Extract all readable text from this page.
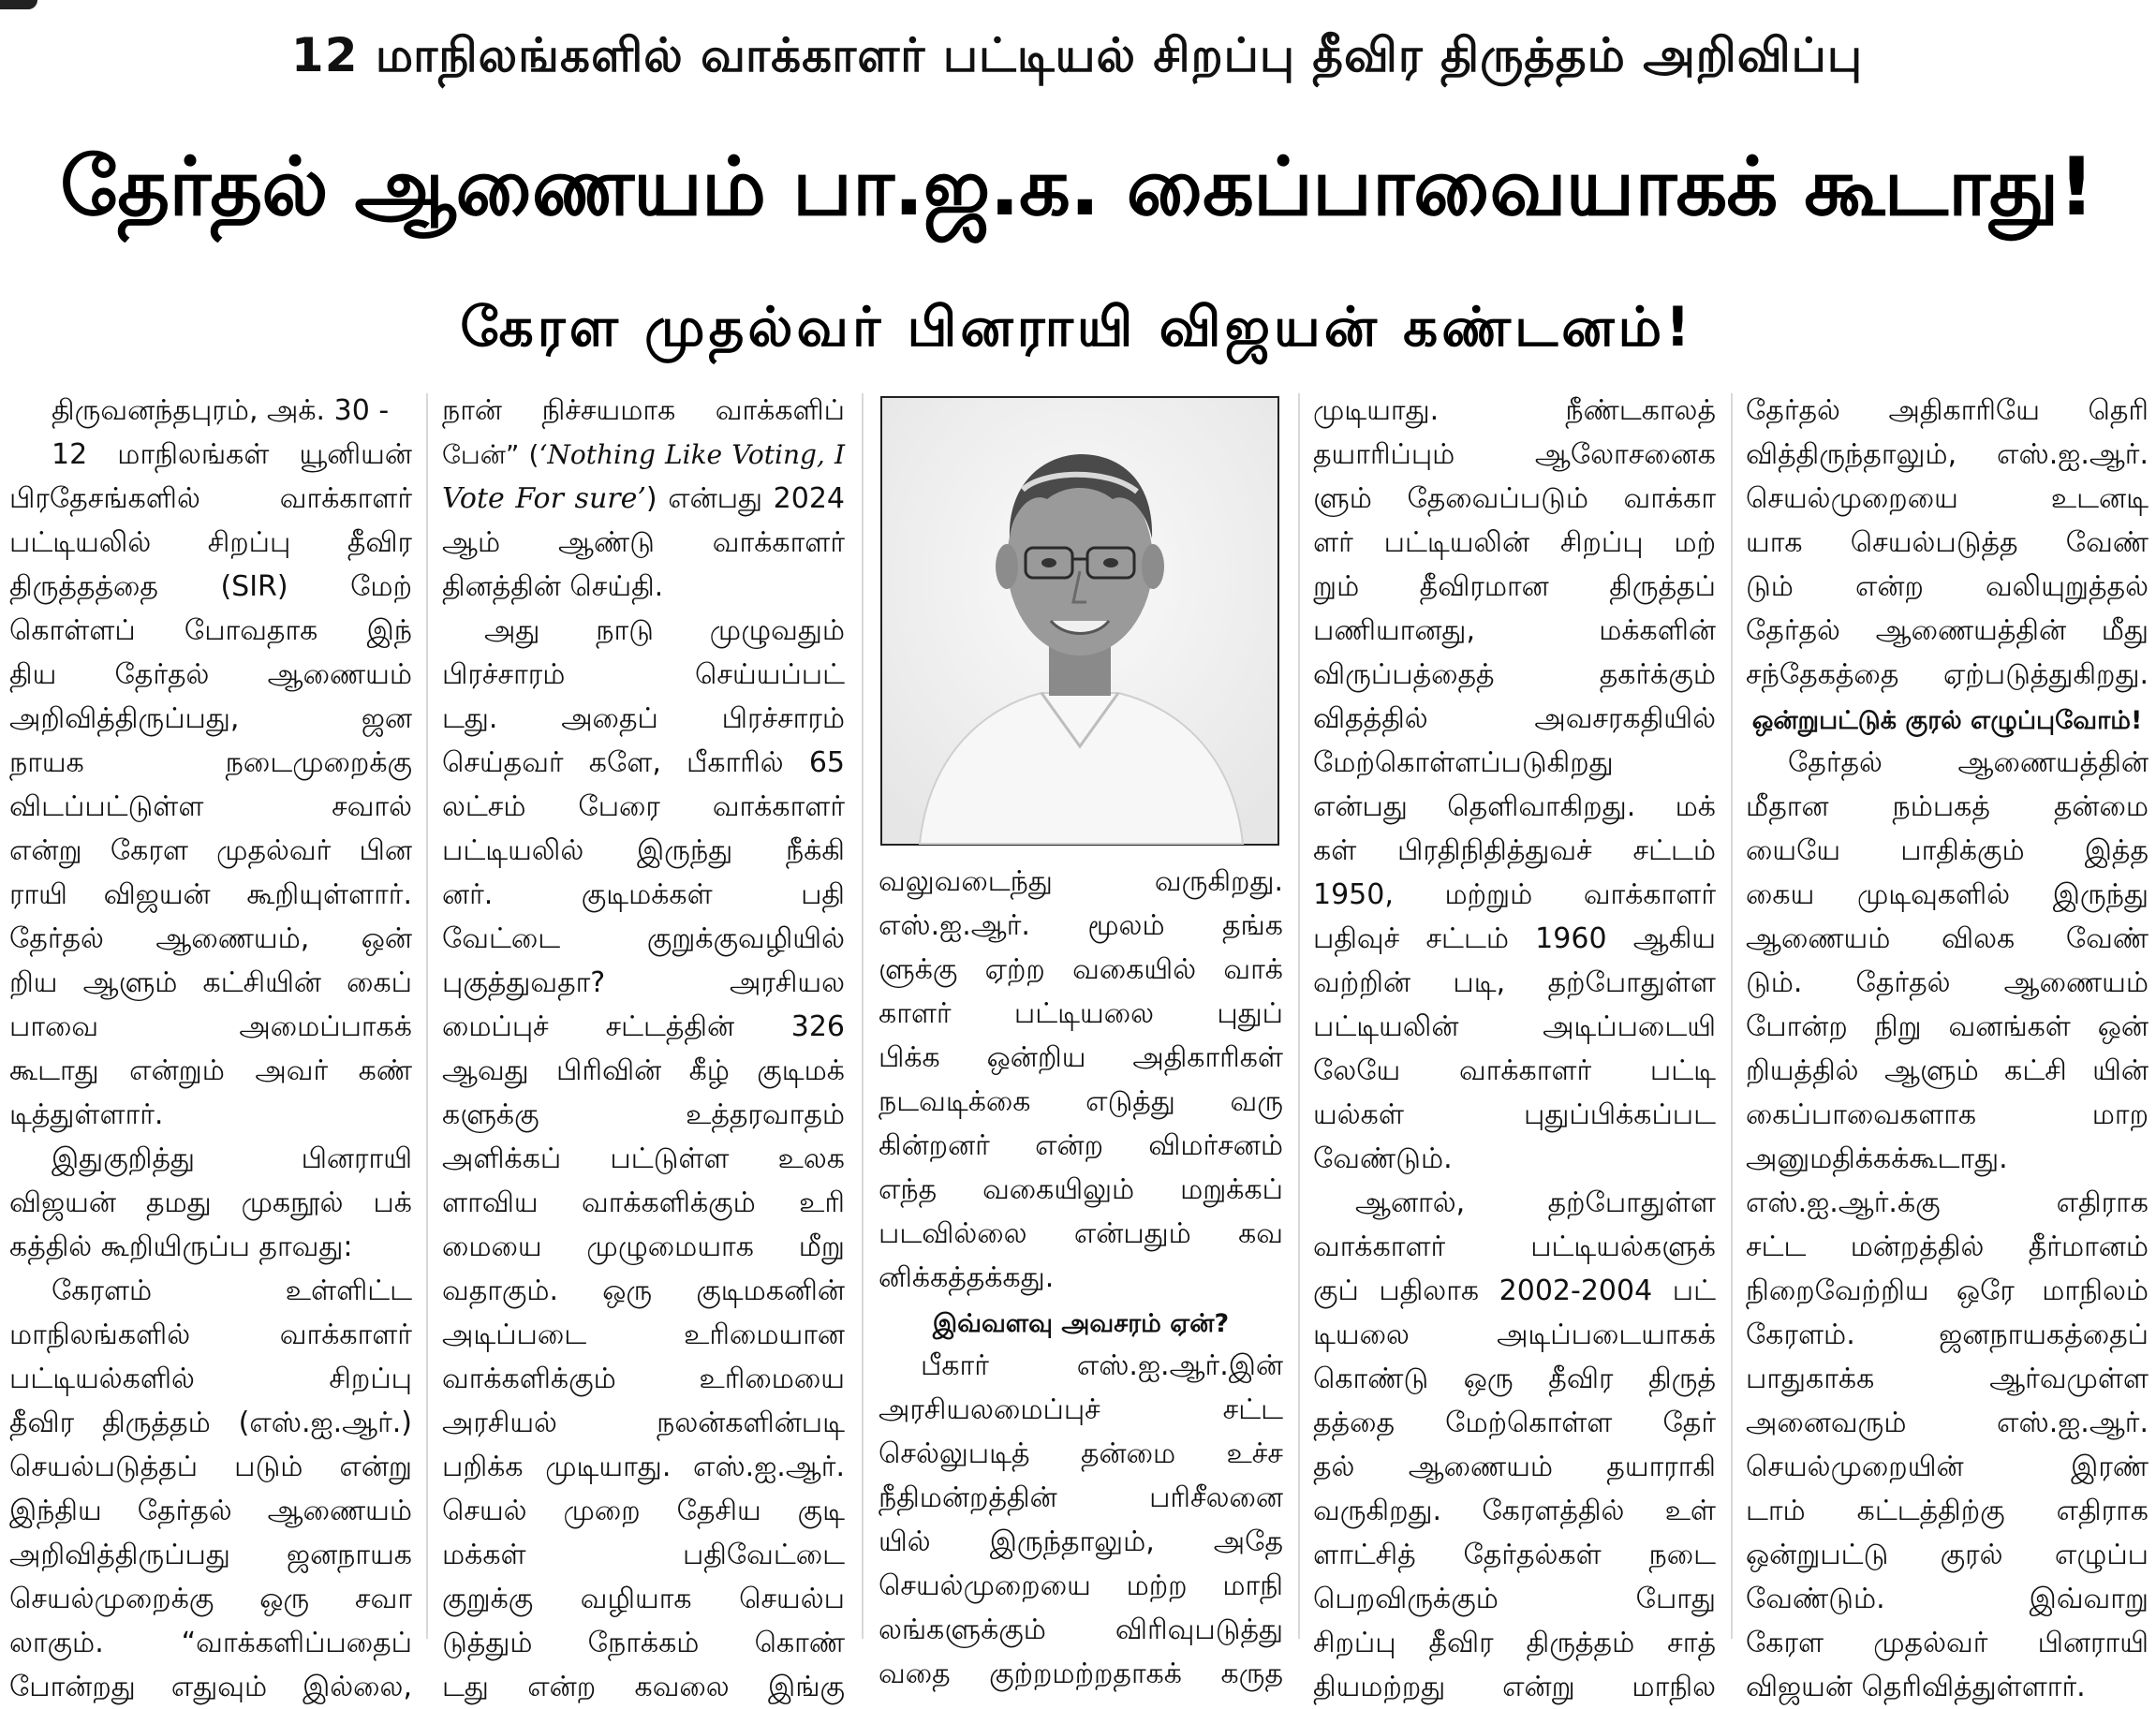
12 மாநிலங்களில் வாக்காளர் பட்டியல் சிறப்பு தீவிர திருத்தம் அறிவிப்பு
தேர்தல் ஆணையம் பா.ஜ.க. கைப்பாவையாகக் கூடாது!
கேரள முதல்வர் பினராயி விஜயன் கண்டனம்!
திருவனந்தபுரம், அக். 30 -
12 மாநிலங்கள் யூனியன்
பிரதேசங்களில் வாக்காளர்
பட்டியலில் சிறப்பு தீவிர
திருத்தத்தை (SIR) மேற்
கொள்ளப் போவதாக இந்
திய தேர்தல் ஆணையம்
அறிவித்திருப்பது, ஜன
நாயக நடைமுறைக்கு
விடப்பட்டுள்ள சவால்
என்று கேரள முதல்வர் பின
ராயி விஜயன் கூறியுள்ளார்.
தேர்தல் ஆணையம், ஒன்
றிய ஆளும் கட்சியின் கைப்
பாவை அமைப்பாகக்
கூடாது என்றும் அவர் கண்
டித்துள்ளார்.
இதுகுறித்து பினராயி
விஜயன் தமது முகநூல் பக்
கத்தில் கூறியிருப்ப தாவது:
கேரளம் உள்ளிட்ட
மாநிலங்களில் வாக்காளர்
பட்டியல்களில் சிறப்பு
தீவிர திருத்தம் (எஸ்.ஐ.ஆர்.)
செயல்படுத்தப் படும் என்று
இந்திய தேர்தல் ஆணையம்
அறிவித்திருப்பது ஜனநாயக
செயல்முறைக்கு ஒரு சவா
லாகும். “வாக்களிப்பதைப்
போன்றது எதுவும் இல்லை,
நான் நிச்சயமாக வாக்களிப்
பேன்” (‘Nothing Like Voting, I
Vote For sure’) என்பது 2024
ஆம் ஆண்டு வாக்காளர்
தினத்தின் செய்தி.
அது நாடு முழுவதும்
பிரச்சாரம் செய்யப்பட்
டது. அதைப் பிரச்சாரம்
செய்தவர் களே, பீகாரில் 65
லட்சம் பேரை வாக்காளர்
பட்டியலில் இருந்து நீக்கி
னர். குடிமக்கள் பதி
வேட்டை குறுக்குவழியில்
புகுத்துவதா? அரசியல
மைப்புச் சட்டத்தின் 326
ஆவது பிரிவின் கீழ் குடிமக்
களுக்கு உத்தரவாதம்
அளிக்கப் பட்டுள்ள உலக
ளாவிய வாக்களிக்கும் உரி
மையை முழுமையாக மீறு
வதாகும். ஒரு குடிமகனின்
அடிப்படை உரிமையான
வாக்களிக்கும் உரிமையை
அரசியல் நலன்களின்படி
பறிக்க முடியாது. எஸ்.ஐ.ஆர்.
செயல் முறை தேசிய குடி
மக்கள் பதிவேட்டை
குறுக்கு வழியாக செயல்ப
டுத்தும் நோக்கம் கொண்
டது என்ற கவலை இங்கு
வலுவடைந்து வருகிறது.
எஸ்.ஐ.ஆர். மூலம் தங்க
ளுக்கு ஏற்ற வகையில் வாக்
காளர் பட்டியலை புதுப்
பிக்க ஒன்றிய அதிகாரிகள்
நடவடிக்கை எடுத்து வரு
கின்றனர் என்ற விமர்சனம்
எந்த வகையிலும் மறுக்கப்
படவில்லை என்பதும் கவ
னிக்கத்தக்கது.
இவ்வளவு அவசரம் ஏன்?
பீகார் எஸ்.ஐ.ஆர்.இன்
அரசியலமைப்புச் சட்ட
செல்லுபடித் தன்மை உச்ச
நீதிமன்றத்தின் பரிசீலனை
யில் இருந்தாலும், அதே
செயல்முறையை மற்ற மாநி
லங்களுக்கும் விரிவுபடுத்து
வதை குற்றமற்றதாகக் கருத
முடியாது. நீண்டகாலத்
தயாரிப்பும் ஆலோசனைக
ளும் தேவைப்படும் வாக்கா
ளர் பட்டியலின் சிறப்பு மற்
றும் தீவிரமான திருத்தப்
பணியானது, மக்களின்
விருப்பத்தைத் தகர்க்கும்
விதத்தில் அவசரகதியில்
மேற்கொள்ளப்படுகிறது
என்பது தெளிவாகிறது. மக்
கள் பிரதிநிதித்துவச் சட்டம்
1950, மற்றும் வாக்காளர்
பதிவுச் சட்டம் 1960 ஆகிய
வற்றின் படி, தற்போதுள்ள
பட்டியலின் அடிப்படையி
லேயே வாக்காளர் பட்டி
யல்கள் புதுப்பிக்கப்பட
வேண்டும்.
ஆனால், தற்போதுள்ள
வாக்காளர் பட்டியல்களுக்
குப் பதிலாக 2002-2004 பட்
டியலை அடிப்படையாகக்
கொண்டு ஒரு தீவிர திருத்
தத்தை மேற்கொள்ள தேர்
தல் ஆணையம் தயாராகி
வருகிறது. கேரளத்தில் உள்
ளாட்சித் தேர்தல்கள் நடை
பெறவிருக்கும் போது
சிறப்பு தீவிர திருத்தம் சாத்
தியமற்றது என்று மாநில
தேர்தல் அதிகாரியே தெரி
வித்திருந்தாலும், எஸ்.ஐ.ஆர்.
செயல்முறையை உடனடி
யாக செயல்படுத்த வேண்
டும் என்ற வலியுறுத்தல்
தேர்தல் ஆணையத்தின் மீது
சந்தேகத்தை ஏற்படுத்துகிறது.
ஒன்றுபட்டுக் குரல் எழுப்புவோம்!
தேர்தல் ஆணையத்தின்
மீதான நம்பகத் தன்மை
யையே பாதிக்கும் இத்த
கைய முடிவுகளில் இருந்து
ஆணையம் விலக வேண்
டும். தேர்தல் ஆணையம்
போன்ற நிறு வனங்கள் ஒன்
றியத்தில் ஆளும் கட்சி யின்
கைப்பாவைகளாக மாற
அனுமதிக்கக்கூடாது.
எஸ்.ஐ.ஆர்.க்கு எதிராக
சட்ட மன்றத்தில் தீர்மானம்
நிறைவேற்றிய ஒரே மாநிலம்
கேரளம். ஜனநாயகத்தைப்
பாதுகாக்க ஆர்வமுள்ள
அனைவரும் எஸ்.ஐ.ஆர்.
செயல்முறையின் இரண்
டாம் கட்டத்திற்கு எதிராக
ஒன்றுபட்டு குரல் எழுப்ப
வேண்டும். இவ்வாறு
கேரள முதல்வர் பினராயி
விஜயன் தெரிவித்துள்ளார்.
